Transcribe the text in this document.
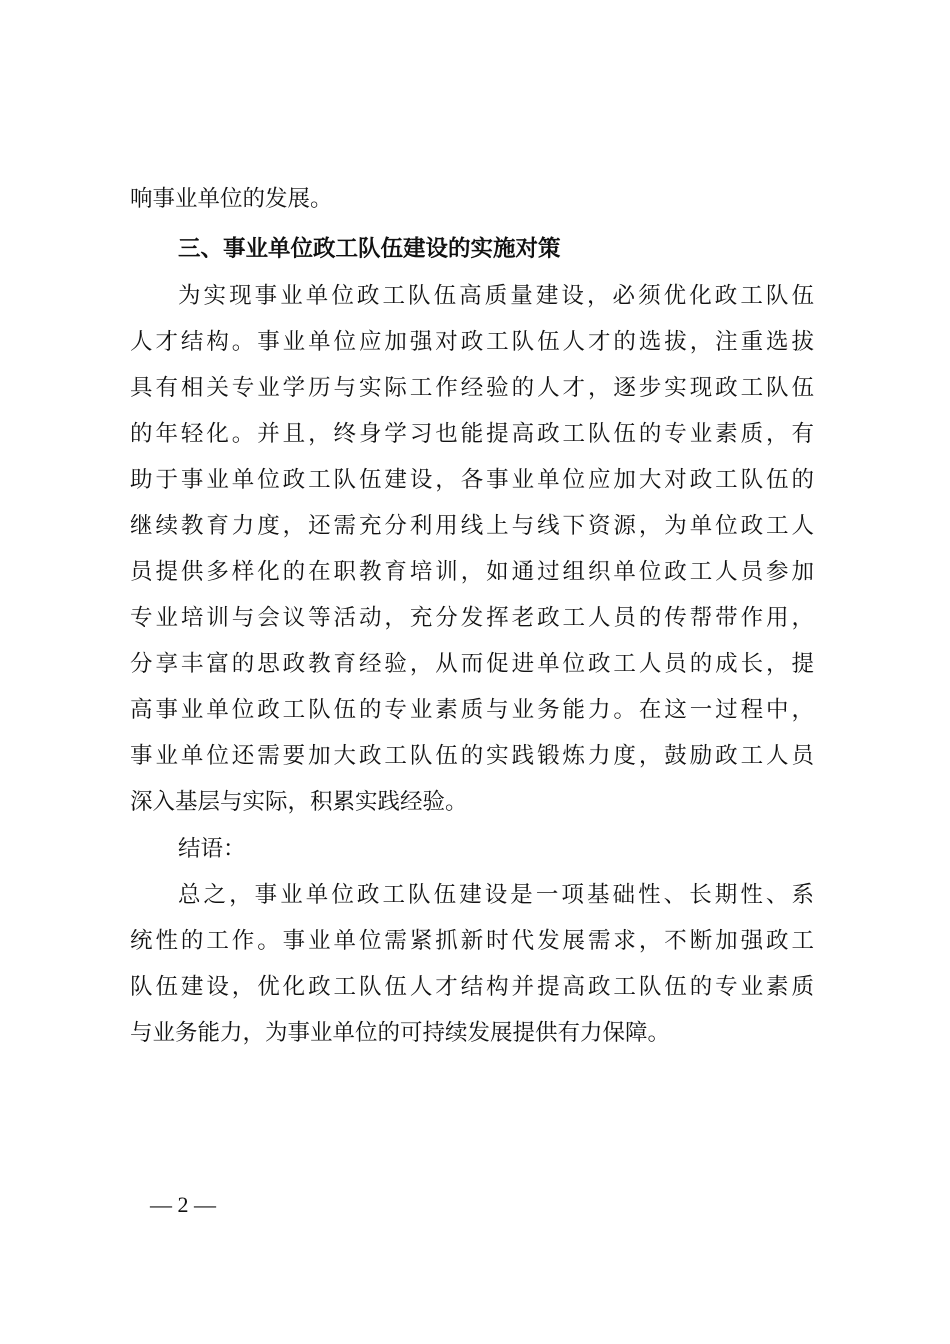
响事业单位的发展。
三、事业单位政工队伍建设的实施对策
为实现事业单位政工队伍高质量建设，必须优化政工队伍
人才结构。事业单位应加强对政工队伍人才的选拔，注重选拔
具有相关专业学历与实际工作经验的人才，逐步实现政工队伍
的年轻化。并且，终身学习也能提高政工队伍的专业素质，有
助于事业单位政工队伍建设，各事业单位应加大对政工队伍的
继续教育力度，还需充分利用线上与线下资源，为单位政工人
员提供多样化的在职教育培训，如通过组织单位政工人员参加
专业培训与会议等活动，充分发挥老政工人员的传帮带作用，
分享丰富的思政教育经验，从而促进单位政工人员的成长，提
高事业单位政工队伍的专业素质与业务能力。在这一过程中，
事业单位还需要加大政工队伍的实践锻炼力度，鼓励政工人员
深入基层与实际，积累实践经验。
结语：
总之，事业单位政工队伍建设是一项基础性、长期性、系
统性的工作。事业单位需紧抓新时代发展需求，不断加强政工
队伍建设，优化政工队伍人才结构并提高政工队伍的专业素质
与业务能力，为事业单位的可持续发展提供有力保障。
— 2 —
